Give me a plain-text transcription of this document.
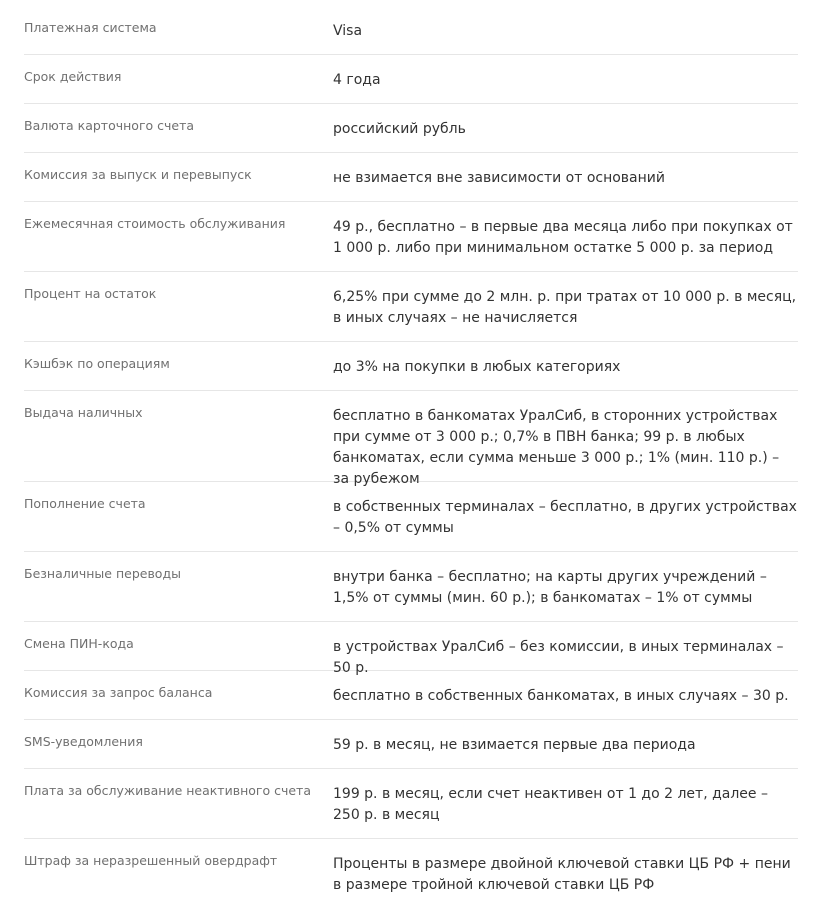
Платежная система	Visa
Срок действия	4 года
Валюта карточного счета	российский рубль
Комиссия за выпуск и перевыпуск	не взимается вне зависимости от оснований
Ежемесячная стоимость обслуживания	49 р., бесплатно – в первые два месяца либо при покупках от 1 000 р. либо при минимальном остатке 5 000 р. за период
Процент на остаток	6,25% при сумме до 2 млн. р. при тратах от 10 000 р. в месяц, в иных случаях – не начисляется
Кэшбэк по операциям	до 3% на покупки в любых категориях
Выдача наличных	бесплатно в банкоматах УралСиб, в сторонних устройствах при сумме от 3 000 р.; 0,7% в ПВН банка; 99 р. в любых банкоматах, если сумма меньше 3 000 р.; 1% (мин. 110 р.) – за рубежом
Пополнение счета	в собственных терминалах – бесплатно, в других устройствах – 0,5% от суммы
Безналичные переводы	внутри банка – бесплатно; на карты других учреждений – 1,5% от суммы (мин. 60 р.); в банкоматах – 1% от суммы
Смена ПИН-кода	в устройствах УралСиб – без комиссии, в иных терминалах – 50 р.
Комиссия за запрос баланса	бесплатно в собственных банкоматах, в иных случаях – 30 р.
SMS-уведомления	59 р. в месяц, не взимается первые два периода
Плата за обслуживание неактивного счета	199 р. в месяц, если счет неактивен от 1 до 2 лет, далее – 250 р. в месяц
Штраф за неразрешенный овердрафт	Проценты в размере двойной ключевой ставки ЦБ РФ + пени в размере тройной ключевой ставки ЦБ РФ
